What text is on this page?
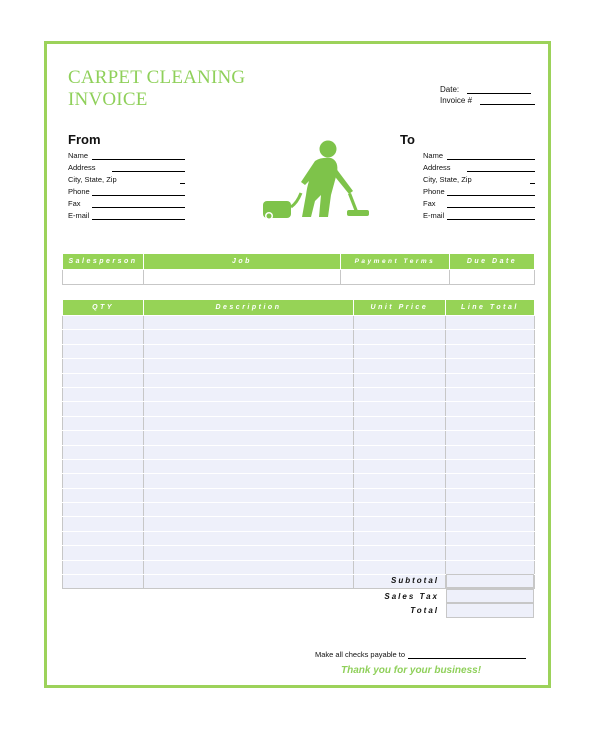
CARPET CLEANING
INVOICE	Date:
Invoice #
From	To
Name
Address
City, State, Zip
Phone
Fax
E-mail
Name
Address
City, State, Zip
Phone
Fax
E-mail
Salesperson	Job	Payment Terms	Due Date

QTY	Description	Unit Price	Line Total

Subtotal
Sales Tax
Total
Make all checks payable to
Thank you for your business!
